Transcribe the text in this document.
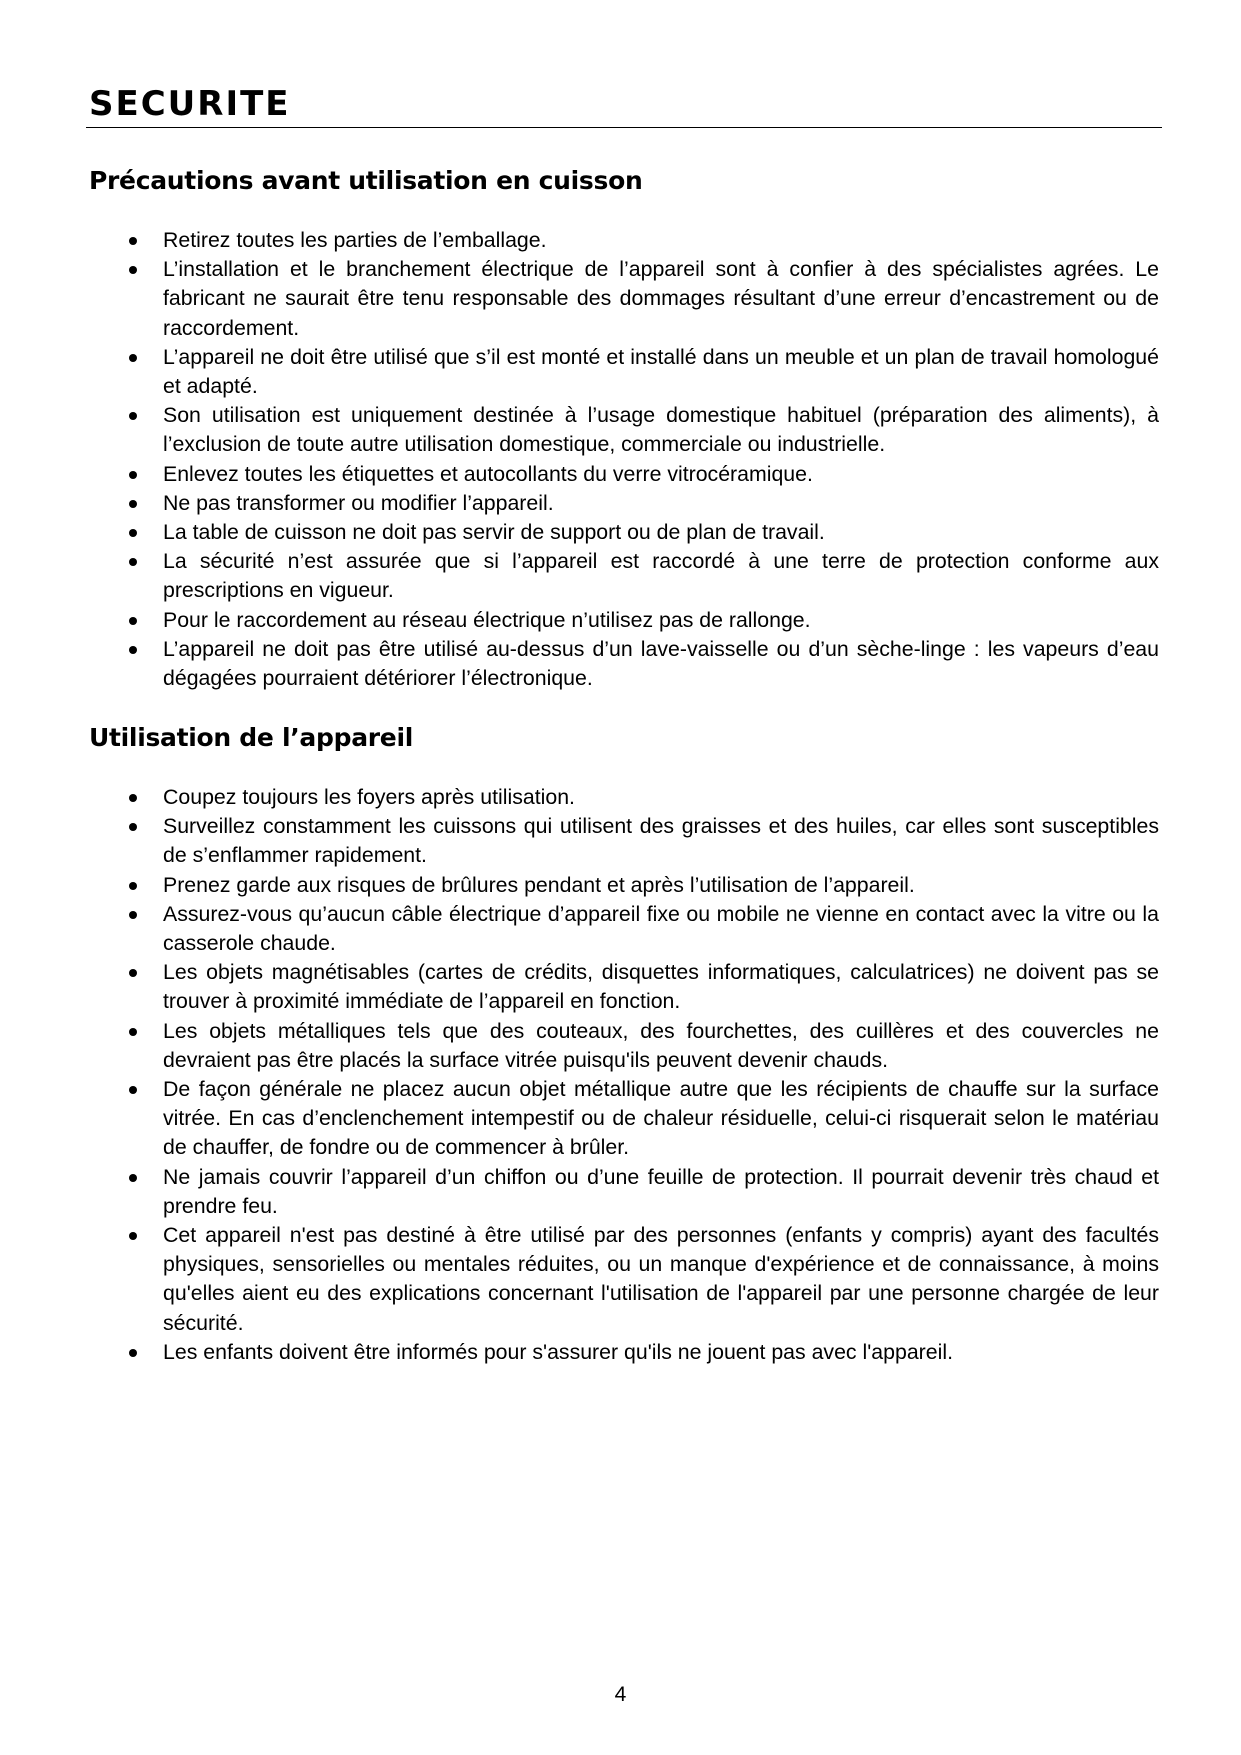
SECURITE
Précautions avant utilisation en cuisson
Retirez toutes les parties de l’emballage.
L’installation et le branchement électrique de l’appareil sont à confier à des spécialistes agrées. Le fabricant ne saurait être tenu responsable des dommages résultant d’une erreur d’encastrement ou de raccordement.
L’appareil ne doit être utilisé que s’il est monté et installé dans un meuble et un plan de travail homologué et adapté.
Son utilisation est uniquement destinée à l’usage domestique habituel (préparation des aliments), à l’exclusion de toute autre utilisation domestique, commerciale ou industrielle.
Enlevez toutes les étiquettes et autocollants du verre vitrocéramique.
Ne pas transformer ou modifier l’appareil.
La table de cuisson ne doit pas servir de support ou de plan de travail.
La sécurité n’est assurée que si l’appareil est raccordé à une terre de protection conforme aux prescriptions en vigueur.
Pour le raccordement au réseau électrique n’utilisez pas de rallonge.
L’appareil ne doit pas être utilisé au-dessus d’un lave-vaisselle ou d’un sèche-linge : les vapeurs d’eau dégagées pourraient détériorer l’électronique.
Utilisation de l’appareil
Coupez toujours les foyers après utilisation.
Surveillez constamment les cuissons qui utilisent des graisses et des huiles, car elles sont susceptibles de s’enflammer rapidement.
Prenez garde aux risques de brûlures pendant et après l’utilisation de l’appareil.
Assurez-vous qu’aucun câble électrique d’appareil fixe ou mobile ne vienne en contact avec la vitre ou la casserole chaude.
Les objets magnétisables (cartes de crédits, disquettes informatiques, calculatrices) ne doivent pas se trouver à proximité immédiate de l’appareil en fonction.
Les objets métalliques tels que des couteaux, des fourchettes, des cuillères et des couvercles ne devraient pas être placés la surface vitrée puisqu'ils peuvent devenir chauds.
De façon générale ne placez aucun objet métallique autre que les récipients de chauffe sur la surface vitrée. En cas d’enclenchement intempestif ou de chaleur résiduelle, celui-ci risquerait selon le matériau de chauffer, de fondre ou de commencer à brûler.
Ne jamais couvrir l’appareil d’un chiffon ou d’une feuille de protection. Il pourrait devenir très chaud et prendre feu.
Cet appareil n'est pas destiné à être utilisé par des personnes (enfants y compris) ayant des facultés physiques, sensorielles ou mentales réduites, ou un manque d'expérience et de connaissance, à moins qu'elles aient eu des explications concernant l'utilisation de l'appareil par une personne chargée de leur sécurité.
Les enfants doivent être informés pour s'assurer qu'ils ne jouent pas avec l'appareil.
4
